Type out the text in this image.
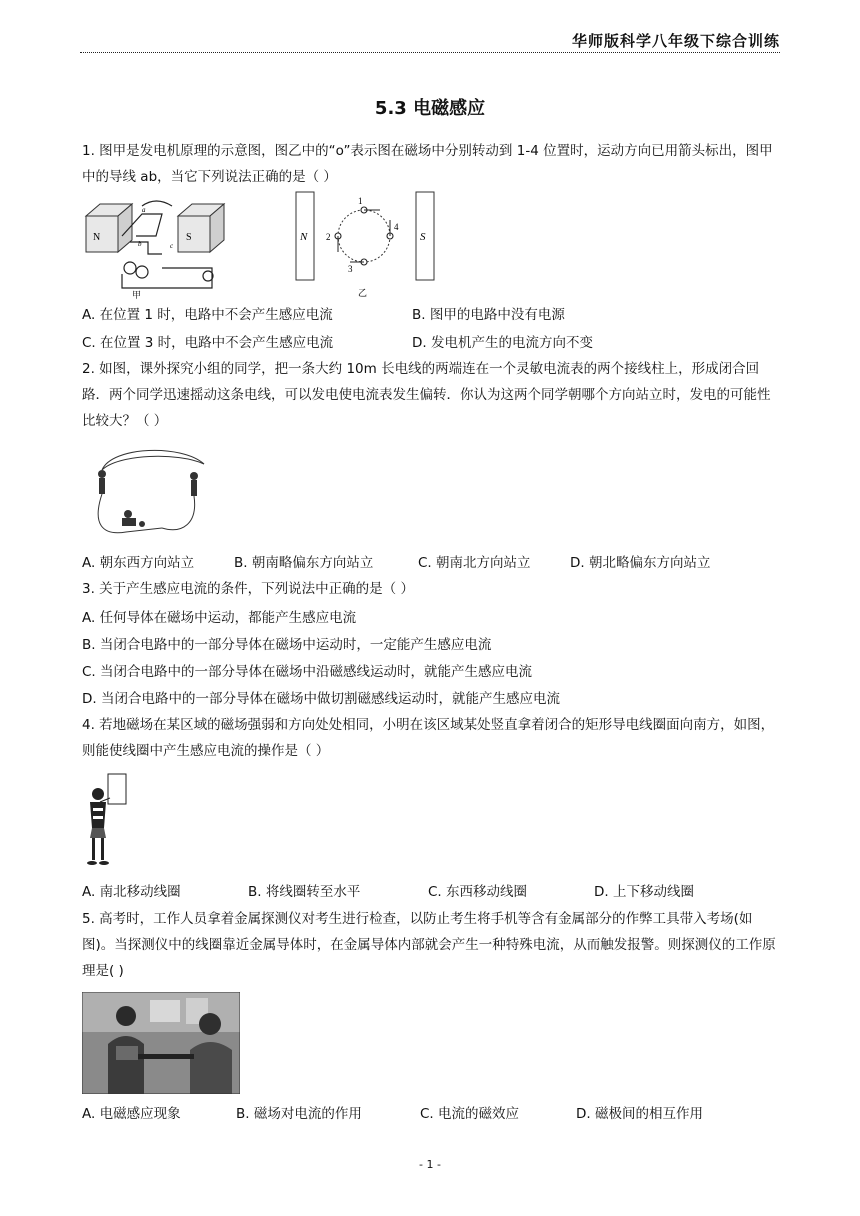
华师版科学八年级下综合训练
5.3 电磁感应
1. 图甲是发电机原理的示意图，图乙中的“o”表示图在磁场中分别转动到 1-4 位置时，运动方向已用箭头标出，图甲中的导线 ab，当它下列说法正确的是（ ）
N	S
a
b	c
甲
N	S
1
2
3
4
乙
A. 在位置 1 时，电路中不会产生感应电流	B. 图甲的电路中没有电源
C. 在位置 3 时，电路中不会产生感应电流	D. 发电机产生的电流方向不变
2. 如图，课外探究小组的同学，把一条大约 10m 长电线的两端连在一个灵敏电流表的两个接线柱上，形成闭合回路．两个同学迅速摇动这条电线，可以发电使电流表发生偏转．你认为这两个同学朝哪个方向站立时，发电的可能性比较大？（ ）
A. 朝东西方向站立	B. 朝南略偏东方向站立	C. 朝南北方向站立	D. 朝北略偏东方向站立
3. 关于产生感应电流的条件，下列说法中正确的是（ ）
A. 任何导体在磁场中运动，都能产生感应电流
B. 当闭合电路中的一部分导体在磁场中运动时，一定能产生感应电流
C. 当闭合电路中的一部分导体在磁场中沿磁感线运动时，就能产生感应电流
D. 当闭合电路中的一部分导体在磁场中做切割磁感线运动时，就能产生感应电流
4. 若地磁场在某区域的磁场强弱和方向处处相同，小明在该区域某处竖直拿着闭合的矩形导电线圈面向南方，如图，则能使线圈中产生感应电流的操作是（ ）
A. 南北移动线圈	B. 将线圈转至水平	C. 东西移动线圈	D. 上下移动线圈
5. 高考时，工作人员拿着金属探测仪对考生进行检查，以防止考生将手机等含有金属部分的作弊工具带入考场(如图)。当探测仪中的线圈靠近金属导体时，在金属导体内部就会产生一种特殊电流，从而触发报警。则探测仪的工作原理是( )
A. 电磁感应现象	B. 磁场对电流的作用	C. 电流的磁效应	D. 磁极间的相互作用
- 1 -
